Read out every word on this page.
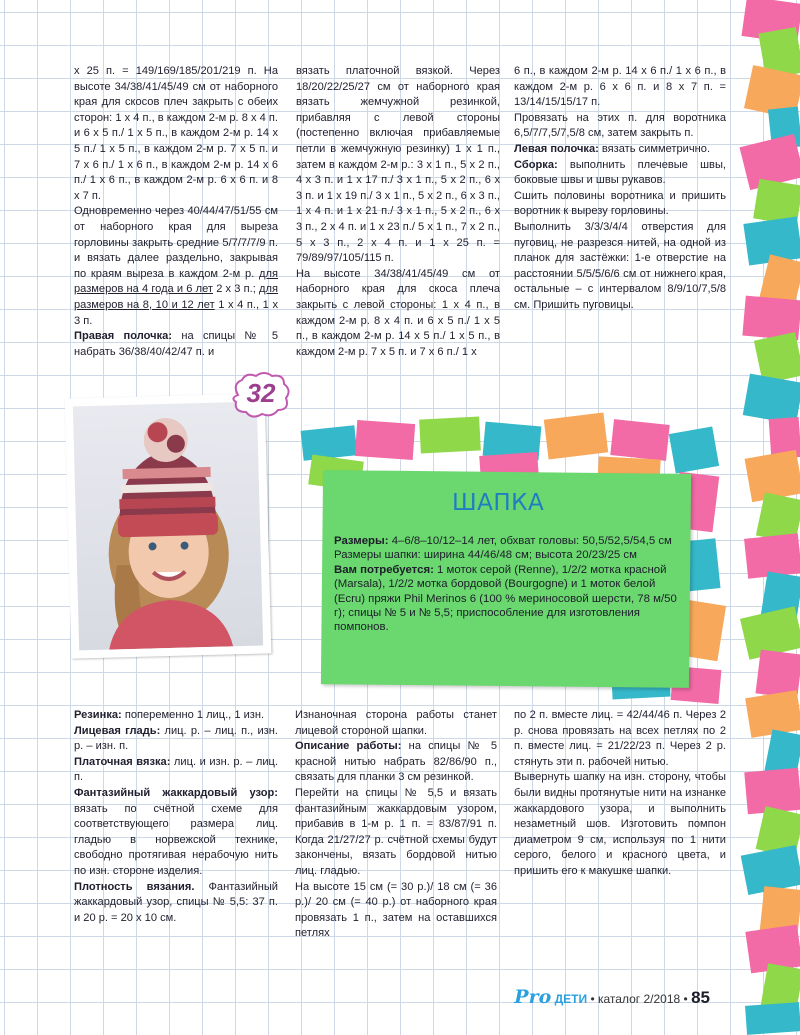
x 25 п. = 149/169/185/201/219 п. На высоте 34/38/41/45/49 см от наборного края для скосов плеч закрыть с обеих сторон: 1 x 4 п., в каждом 2-м р. 8 x 4 п. и 6 x 5 п./ 1 x 5 п., в каждом 2-м р. 14 x 5 п./ 1 x 5 п., в каждом 2-м р. 7 x 5 п. и 7 x 6 п./ 1 x 6 п., в каждом 2-м р. 14 x 6 п./ 1 x 6 п., в каждом 2-м р. 6 x 6 п. и 8 x 7 п.

Одновременно через 40/44/47/51/55 см от наборного края для выреза горловины закрыть средние 5/7/7/7/9 п. и вязать далее раздельно, закрывая по краям выреза в каждом 2-м р. для размеров на 4 года и 6 лет 2 x 3 п.; для размеров на 8, 10 и 12 лет 1 x 4 п., 1 x 3 п.

Правая полочка: на спицы № 5 набрать 36/38/40/42/47 п. и

вязать платочной вязкой. Через 18/20/22/25/27 см от наборного края вязать жемчужной резинкой, прибавляя с левой стороны (постепенно включая прибавляемые петли в жемчужную резинку) 1 x 1 п., затем в каждом 2-м р.: 3 x 1 п., 5 x 2 п., 4 x 3 п. и 1 x 17 п./ 3 x 1 п., 5 x 2 п., 6 x 3 п. и 1 x 19 п./ 3 x 1 п., 5 x 2 п., 6 x 3 п., 1 x 4 п. и 1 x 21 п./ 3 x 1 п., 5 x 2 п., 6 x 3 п., 2 x 4 п. и 1 x 23 п./ 5 x 1 п., 7 x 2 п., 5 x 3 п., 2 x 4 п. и 1 x 25 п. = 79/89/97/105/115 п.

На высоте 34/38/41/45/49 см от наборного края для скоса плеча закрыть с левой стороны: 1 x 4 п., в каждом 2-м р. 8 x 4 п. и 6 x 5 п./ 1 x 5 п., в каждом 2-м р. 14 x 5 п./ 1 x 5 п., в каждом 2-м р. 7 x 5 п. и 7 x 6 п./ 1 x

6 п., в каждом 2-м р. 14 x 6 п./ 1 x 6 п., в каждом 2-м р. 6 x 6 п. и 8 x 7 п. = 13/14/15/15/17 п.

Провязать на этих п. для воротника 6,5/7/7,5/7,5/8 см, затем закрыть п.

Левая полочка: вязать симметрично.

Сборка: выполнить плечевые швы, боковые швы и швы рукавов.

Сшить половины воротника и пришить воротник к вырезу горловины.

Выполнить 3/3/3/4/4 отверстия для пуговиц, не разрезся нитей, на одной из планок для застёжки: 1-е отверстие на расстоянии 5/5/5/6/6 см от нижнего края, остальные – с интервалом 8/9/10/7,5/8 см. Пришить пуговицы.

32
ШАПКА

Размеры: 4–6/8–10/12–14 лет, обхват головы: 50,5/52,5/54,5 см

Размеры шапки: ширина 44/46/48 см; высота 20/23/25 см

Вам потребуется: 1 моток серой (Renne), 1/2/2 мотка красной (Marsala), 1/2/2 мотка бордовой (Bourgogne) и 1 моток белой (Ecru) пряжи Phil Merinos 6 (100 % мериносовой шерсти, 78 м/50 г); спицы № 5 и № 5,5; приспособление для изготовления помпонов.

Резинка: попеременно 1 лиц., 1 изн.

Лицевая гладь: лиц. р. – лиц. п., изн. р. – изн. п.

Платочная вязка: лиц. и изн. р. – лиц. п.

Фантазийный жаккардовый узор: вязать по счётной схеме для соответствующего размера лиц. гладью в норвежской технике, свободно протягивая нерабочую нить по изн. стороне изделия.

Плотность вязания. Фантазийный жаккардовый узор, спицы № 5,5: 37 п. и 20 р. = 20 x 10 см.

Изнаночная сторона работы станет лицевой стороной шапки.

Описание работы: на спицы № 5 красной нитью набрать 82/86/90 п., связать для планки 3 см резинкой.

Перейти на спицы № 5,5 и вязать фантазийным жаккардовым узором, прибавив в 1-м р. 1 п. = 83/87/91 п. Когда 21/27/27 р. счётной схемы будут закончены, вязать бордовой нитью лиц. гладью.

На высоте 15 см (= 30 р.)/ 18 см (= 36 р.)/ 20 см (= 40 р.) от наборного края провязать 1 п., затем на оставшихся петлях

по 2 п. вместе лиц. = 42/44/46 п. Через 2 р. снова провязать на всех петлях по 2 п. вместе лиц. = 21/22/23 п. Через 2 р. стянуть эти п. рабочей нитью.

Вывернуть шапку на изн. сторону, чтобы были видны протянутые нити на изнанке жаккардового узора, и выполнить незаметный шов. Изготовить помпон диаметром 9 см, используя по 1 нити серого, белого и красного цвета, и пришить его к макушке шапки.

Pro ДЕТИ • каталог 2/2018 • 85
